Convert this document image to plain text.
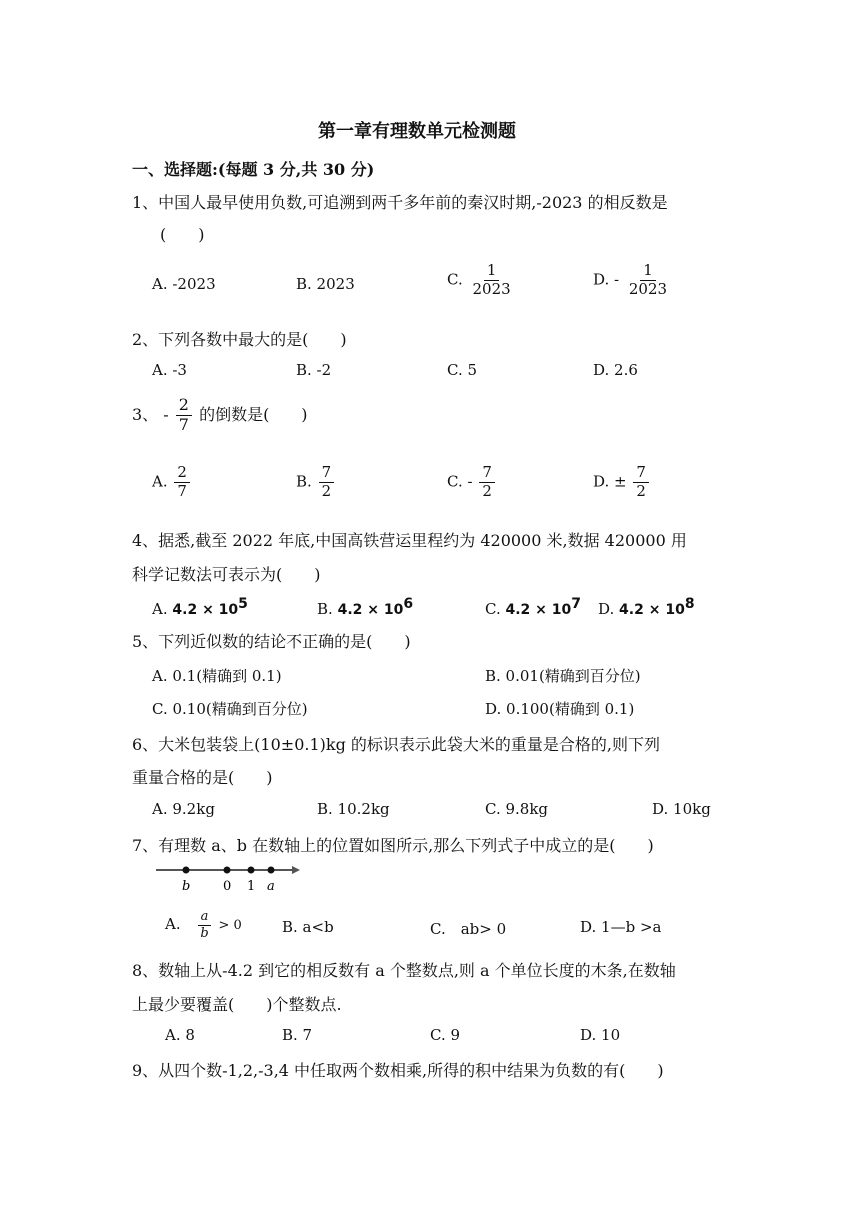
第一章有理数单元检测题
一、选择题:(每题 3 分,共 30 分)
1、中国人最早使用负数,可追溯到两千多年前的秦汉时期,-2023 的相反数是
(　　)
A. -2023	B. 2023	C. $\frac{1}{2023}$	D. - $\frac{1}{2023}$
2、下列各数中最大的是(　　)
A. -3	B. -2	C. 5	D. 2.6
3、 - $\frac{2}{7}$ 的倒数是(　　)
A. $\frac{2}{7}$	B. $\frac{7}{2}$	C. - $\frac{7}{2}$	D. ± $\frac{7}{2}$
4、据悉,截至 2022 年底,中国高铁营运里程约为 420000 米,数据 420000 用
科学记数法可表示为(　　)
A. $4.2 \times 10^5$	B. $4.2 \times 10^6$	C. $4.2 \times 10^7$ D. $4.2 \times 10^8$
5、下列近似数的结论不正确的是(　　)
A. 0.1(精确到 0.1)	B. 0.01(精确到百分位)
C. 0.10(精确到百分位)	D. 0.100(精确到 0.1)
6、大米包装袋上(10±0.1)kg 的标识表示此袋大米的重量是合格的,则下列
重量合格的是(　　)
A. 9.2kg	B. 10.2kg	C. 9.8kg	D. 10kg
7、有理数 a、b 在数轴上的位置如图所示,那么下列式子中成立的是(　　)
b	0 1 a
A. $\frac{a}{b} > 0$	B. a<b	C.　ab> 0	D. 1—b >a
8、数轴上从-4.2 到它的相反数有 a 个整数点,则 a 个单位长度的木条,在数轴
上最少要覆盖(　　)个整数点.
A. 8	B. 7	C. 9	D. 10
9、从四个数-1,2,-3,4 中任取两个数相乘,所得的积中结果为负数的有(　　)
